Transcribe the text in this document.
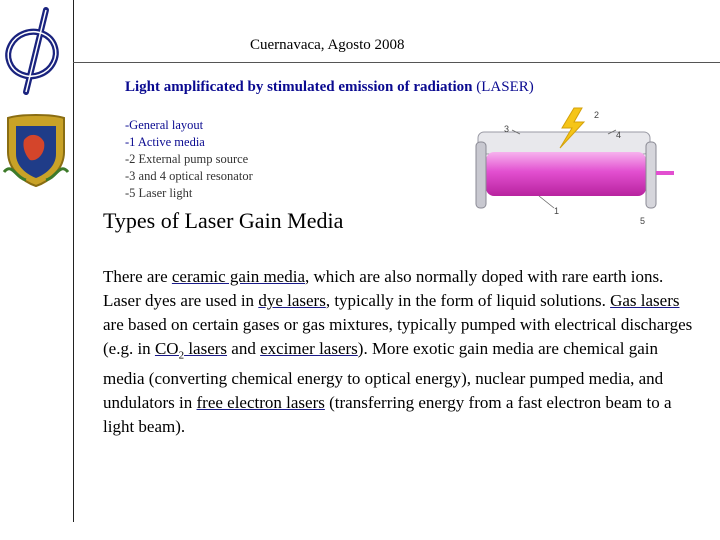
Cuernavaca, Agosto 2008
Light amplificated by stimulated emission of radiation (LASER)
-General layout
-1 Active media
-2 External pump source
-3 and 4 optical resonator
-5 Laser light
1
2
3
4
5
Types of Laser Gain Media
There are ceramic gain media, which are also normally doped with rare earth ions. Laser dyes are used in dye lasers, typically in the form of liquid solutions. Gas lasers are based on certain gases or gas mixtures, typically pumped with electrical discharges (e.g. in $CO_2$ lasers and excimer lasers). More exotic gain media are chemical gain media (converting chemical energy to optical energy), nuclear pumped media, and undulators in free electron lasers (transferring energy from a fast electron beam to a light beam).
